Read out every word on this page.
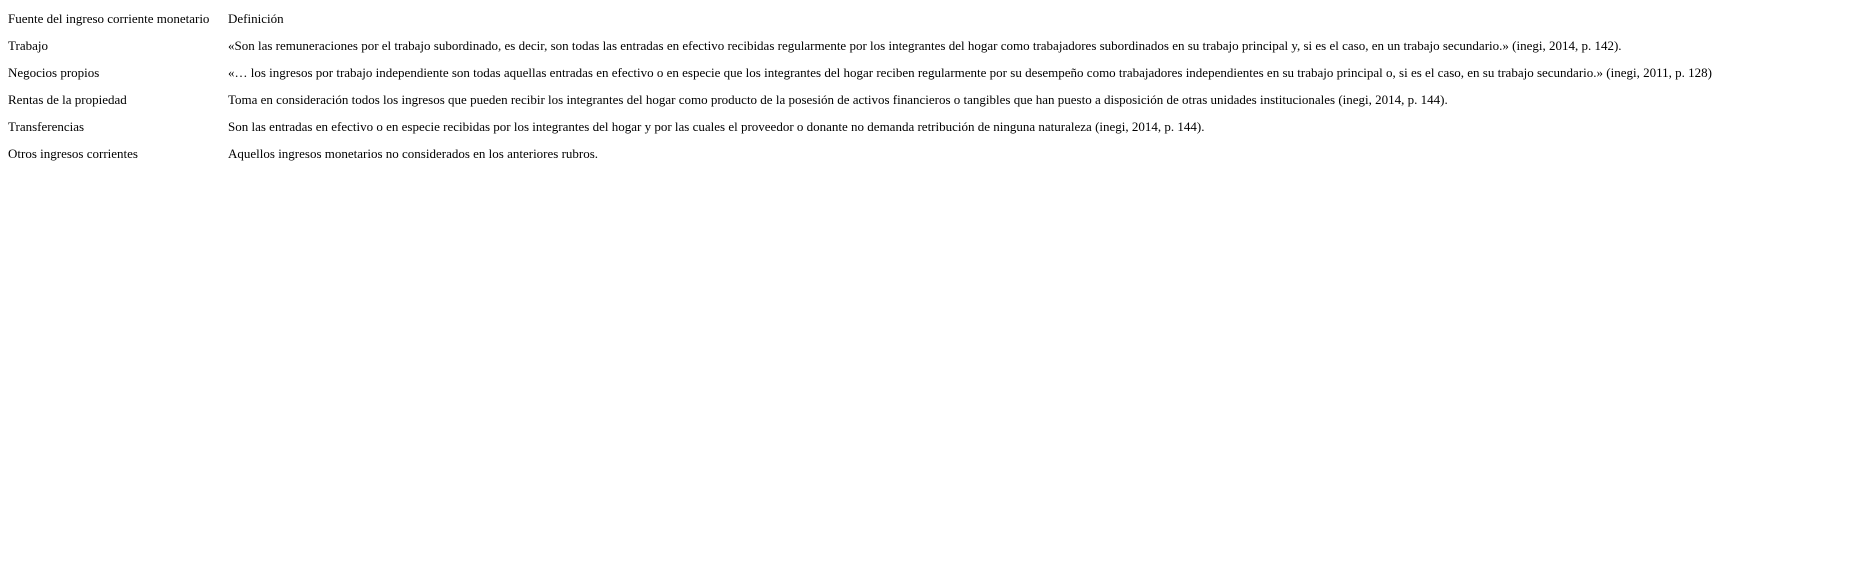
Fuente del ingreso corriente monetario	Definición
Trabajo	«Son las remuneraciones por el trabajo subordinado, es decir, son todas las entradas en efectivo recibidas regularmente por los integrantes del hogar como trabajadores subordinados en su trabajo principal y, si es el caso, en un trabajo secundario.» (inegi, 2014, p. 142).
Negocios propios	«… los ingresos por trabajo independiente son todas aquellas entradas en efectivo o en especie que los integrantes del hogar reciben regularmente por su desempeño como trabajadores independientes en su trabajo principal o, si es el caso, en su trabajo secundario.» (inegi, 2011, p. 128)
Rentas de la propiedad	Toma en consideración todos los ingresos que pueden recibir los integrantes del hogar como producto de la posesión de activos financieros o tangibles que han puesto a disposición de otras unidades institucionales (inegi, 2014, p. 144).
Transferencias	Son las entradas en efectivo o en especie recibidas por los integrantes del hogar y por las cuales el proveedor o donante no demanda retribución de ninguna naturaleza (inegi, 2014, p. 144).
Otros ingresos corrientes	Aquellos ingresos monetarios no considerados en los anteriores rubros.
